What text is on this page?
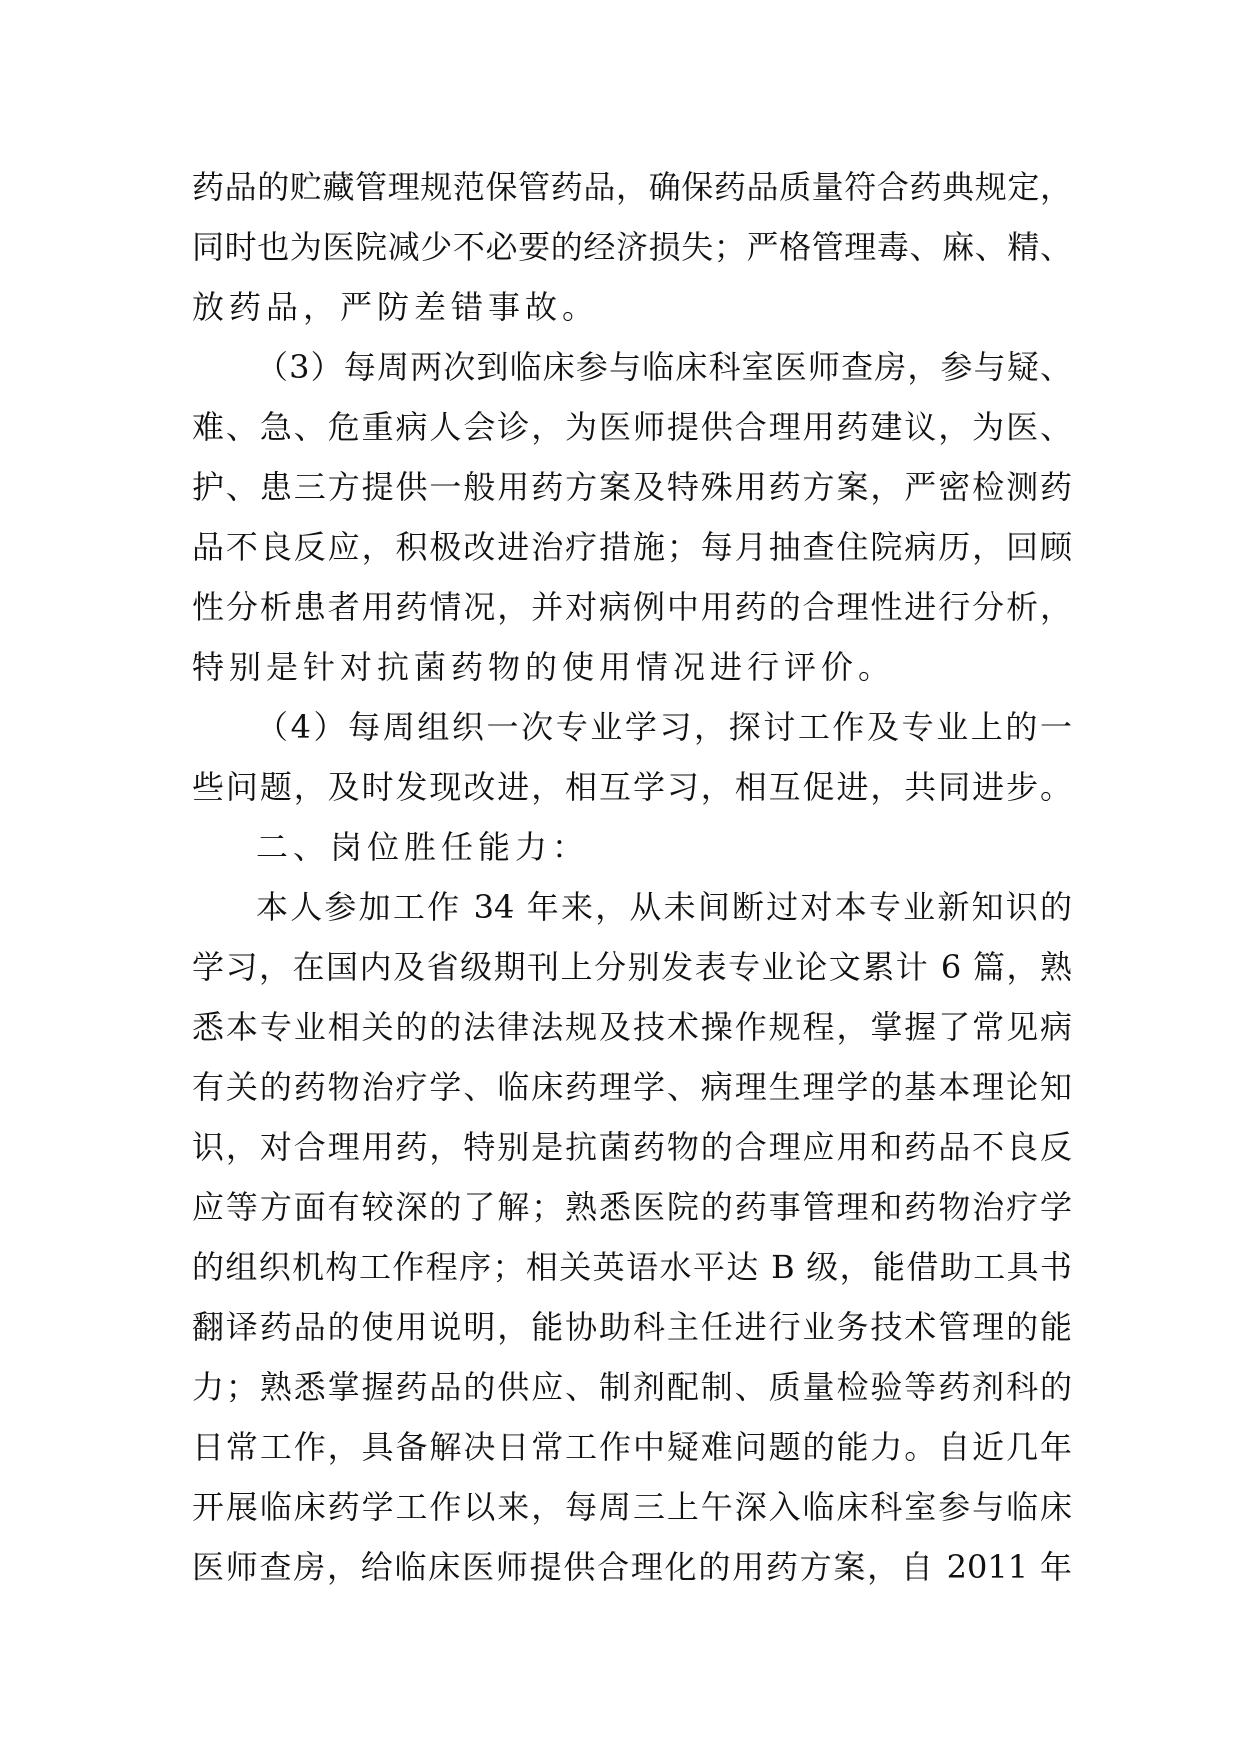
药品的贮藏管理规范保管药品，确保药品质量符合药典规定，
同时也为医院减少不必要的经济损失；严格管理毒、麻、精、
放药品，严防差错事故。
（3）每周两次到临床参与临床科室医师查房，参与疑、
难、急、危重病人会诊，为医师提供合理用药建议，为医、
护、患三方提供一般用药方案及特殊用药方案，严密检测药
品不良反应，积极改进治疗措施；每月抽查住院病历，回顾
性分析患者用药情况，并对病例中用药的合理性进行分析，
特别是针对抗菌药物的使用情况进行评价。
（4）每周组织一次专业学习，探讨工作及专业上的一
些问题，及时发现改进，相互学习，相互促进，共同进步。
二、岗位胜任能力：
本人参加工作 34 年来，从未间断过对本专业新知识的
学习，在国内及省级期刊上分别发表专业论文累计 6 篇，熟
悉本专业相关的的法律法规及技术操作规程，掌握了常见病
有关的药物治疗学、临床药理学、病理生理学的基本理论知
识，对合理用药，特别是抗菌药物的合理应用和药品不良反
应等方面有较深的了解；熟悉医院的药事管理和药物治疗学
的组织机构工作程序；相关英语水平达 B 级，能借助工具书
翻译药品的使用说明，能协助科主任进行业务技术管理的能
力；熟悉掌握药品的供应、制剂配制、质量检验等药剂科的
日常工作，具备解决日常工作中疑难问题的能力。自近几年
开展临床药学工作以来，每周三上午深入临床科室参与临床
医师查房，给临床医师提供合理化的用药方案，自 2011 年
